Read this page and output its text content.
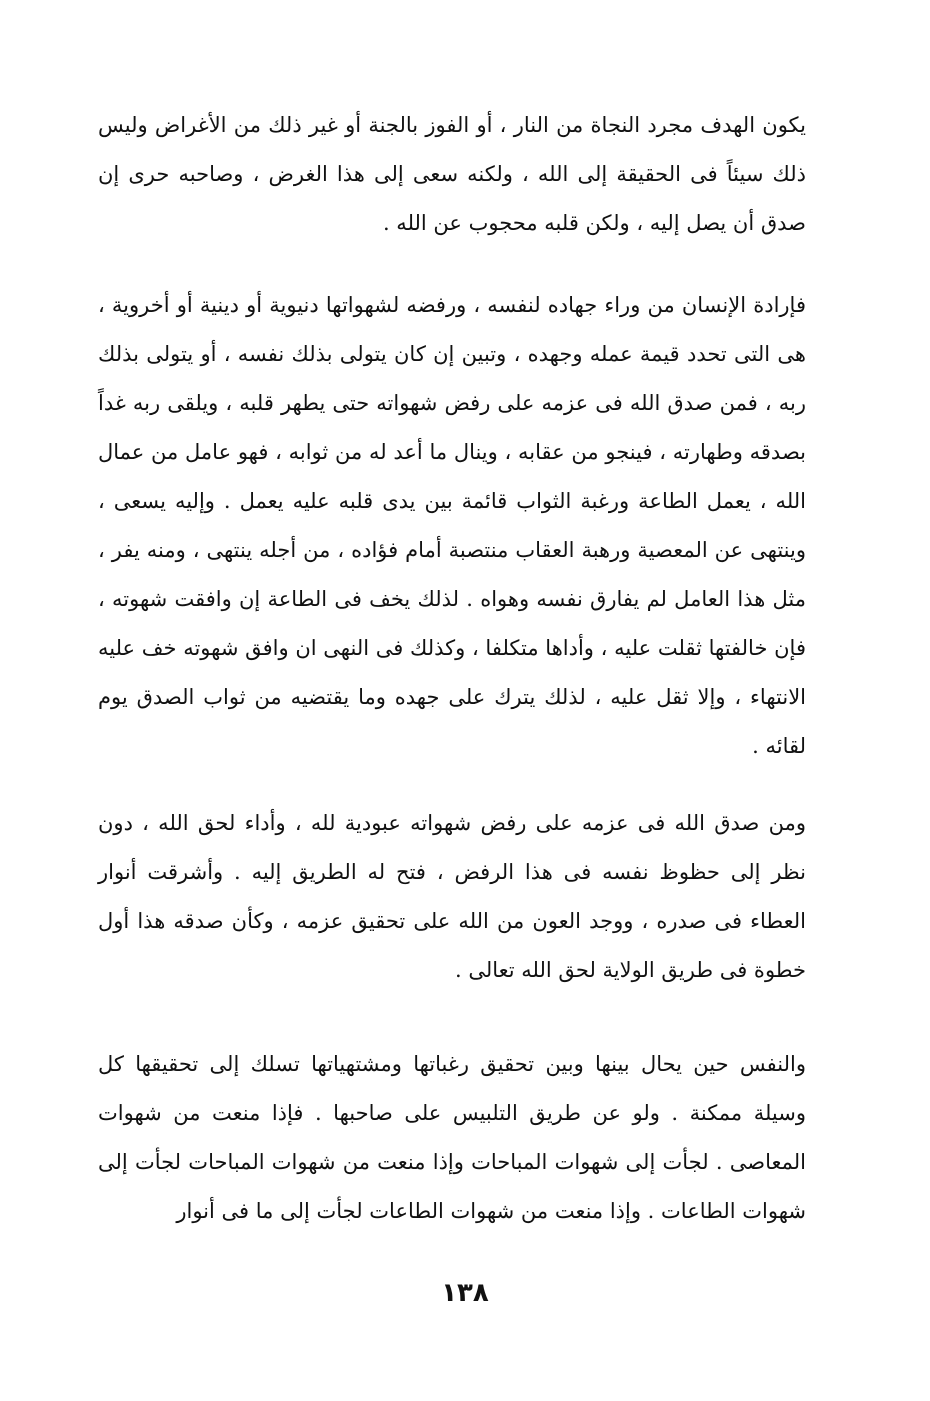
يكون الهدف مجرد النجاة من النار ، أو الفوز بالجنة أو غير ذلك من الأغراض وليس ذلك سيئاً فى الحقيقة إلى الله ، ولكنه سعى إلى هذا الغرض ، وصاحبه حرى إن صدق أن يصل إليه ، ولكن قلبه محجوب عن الله .

فإرادة الإنسان من وراء جهاده لنفسه ، ورفضه لشهواتها دنيوية أو دينية أو أخروية ، هى التى تحدد قيمة عمله وجهده ، وتبين إن كان يتولى بذلك نفسه ، أو يتولى بذلك ربه ، فمن صدق الله فى عزمه على رفض شهواته حتى يطهر قلبه ، ويلقى ربه غداً بصدقه وطهارته ، فينجو من عقابه ، وينال ما أعد له من ثوابه ، فهو عامل من عمال الله ، يعمل الطاعة ورغبة الثواب قائمة بين يدى قلبه عليه يعمل . وإليه يسعى ، وينتهى عن المعصية ورهبة العقاب منتصبة أمام فؤاده ، من أجله ينتهى ، ومنه يفر ، مثل هذا العامل لم يفارق نفسه وهواه . لذلك يخف فى الطاعة إن وافقت شهوته ، فإن خالفتها ثقلت عليه ، وأداها متكلفا ، وكذلك فى النهى ان وافق شهوته خف عليه الانتهاء ، وإلا ثقل عليه ، لذلك يترك على جهده وما يقتضيه من ثواب الصدق يوم لقائه .

ومن صدق الله فى عزمه على رفض شهواته عبودية لله ، وأداء لحق الله ، دون نظر إلى حظوظ نفسه فى هذا الرفض ، فتح له الطريق إليه . وأشرقت أنوار العطاء فى صدره ، ووجد العون من الله على تحقيق عزمه ، وكأن صدقه هذا أول خطوة فى طريق الولاية لحق الله تعالى .

والنفس حين يحال بينها وبين تحقيق رغباتها ومشتهياتها تسلك إلى تحقيقها كل وسيلة ممكنة . ولو عن طريق التلبيس على صاحبها . فإذا منعت من شهوات المعاصى . لجأت إلى شهوات المباحات وإذا منعت من شهوات المباحات لجأت إلى شهوات الطاعات . وإذا منعت من شهوات الطاعات لجأت إلى ما فى أنوار

١٣٨
